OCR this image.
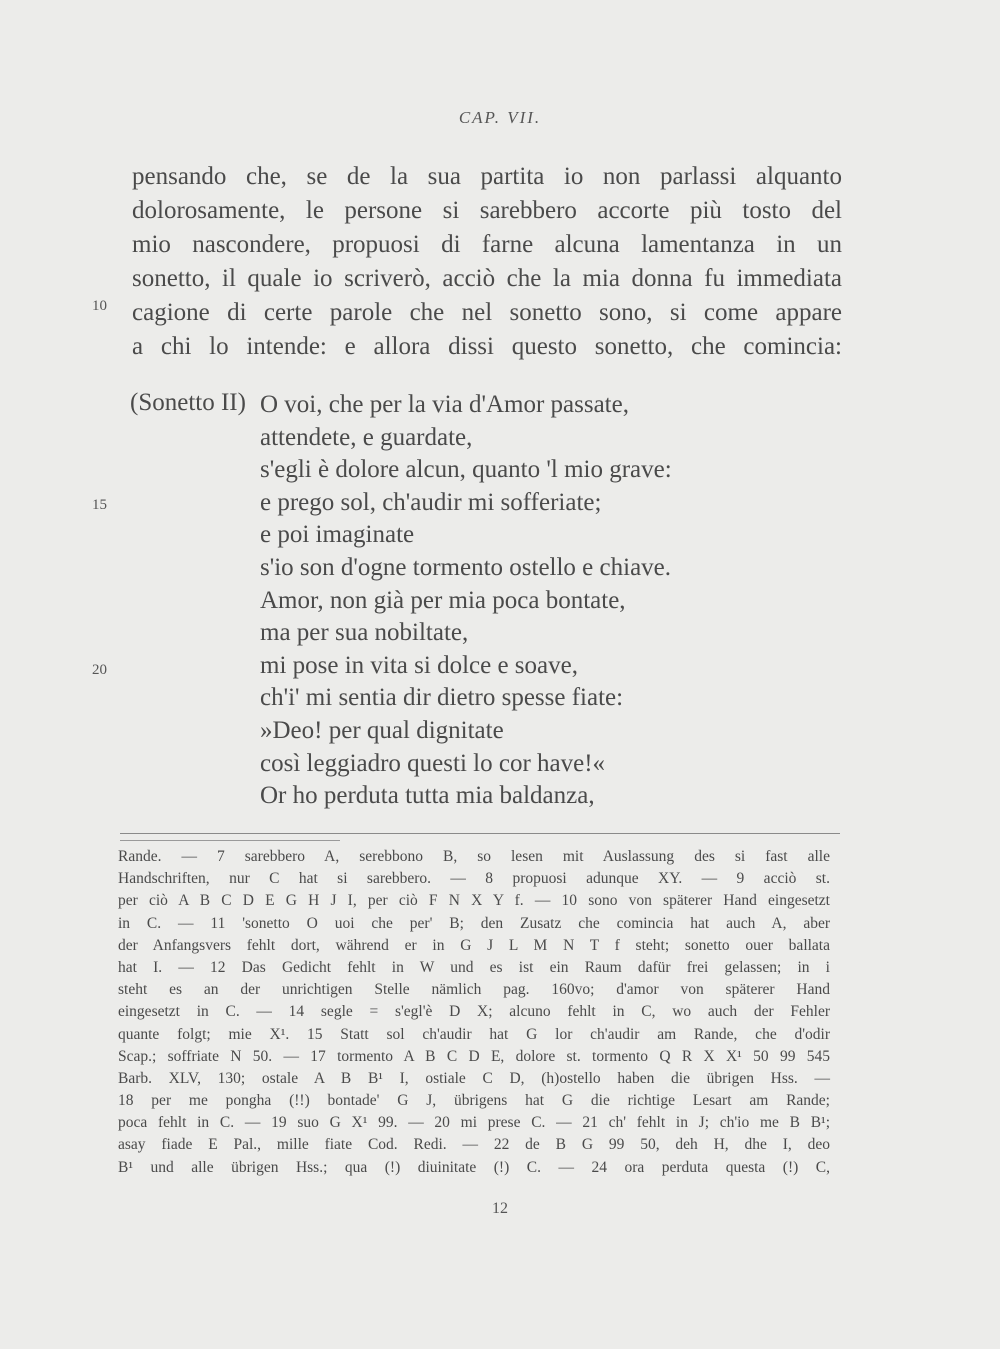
CAP. VII.
pensando che, se de la sua partita io non parlassi alquanto
dolorosamente, le persone si sarebbero accorte più tosto del
mio nascondere, propuosi di farne alcuna lamentanza in un
sonetto, il quale io scriverò, acciò che la mia donna fu immediata
cagione di certe parole che nel sonetto sono, si come appare
a chi lo intende: e allora dissi questo sonetto, che comincia:
10
15
20
(Sonetto II) O voi, che per la via d'Amor passate,
attendete, e guardate,
s'egli è dolore alcun, quanto 'l mio grave:
e prego sol, ch'audir mi sofferiate;
e poi imaginate
s'io son d'ogne tormento ostello e chiave.
Amor, non già per mia poca bontate,
ma per sua nobiltate,
mi pose in vita si dolce e soave,
ch'i' mi sentia dir dietro spesse fiate:
»Deo! per qual dignitate
così leggiadro questi lo cor have!«
Or ho perduta tutta mia baldanza,
Rande. — 7 sarebbero A, serebbono B, so lesen mit Auslassung des si fast alle
Handschriften, nur C hat si sarebbero. — 8 propuosi adunque XY. — 9 acciò st.
per ciò A B C D E G H J I, per ciò F N X Y f. — 10 sono von späterer Hand eingesetzt
in C. — 11 'sonetto O uoi che per' B; den Zusatz che comincia hat auch A, aber
der Anfangsvers fehlt dort, während er in G J L M N T f steht; sonetto ouer ballata
hat I. — 12 Das Gedicht fehlt in W und es ist ein Raum dafür frei gelassen; in i
steht es an der unrichtigen Stelle nämlich pag. 160vo; d'amor von späterer Hand
eingesetzt in C. — 14 segle = s'egl'è D X; alcuno fehlt in C, wo auch der Fehler
quante folgt; mie X¹. 15 Statt sol ch'audir hat G lor ch'audir am Rande, che d'odir
Scap.; soffriate N 50. — 17 tormento A B C D E, dolore st. tormento Q R X X¹ 50 99 545
Barb. XLV, 130; ostale A B B¹ I, ostiale C D, (h)ostello haben die übrigen Hss. —
18 per me pongha (!!) bontade' G J, übrigens hat G die richtige Lesart am Rande;
poca fehlt in C. — 19 suo G X¹ 99. — 20 mi prese C. — 21 ch' fehlt in J; ch'io me B B¹;
asay fiade E Pal., mille fiate Cod. Redi. — 22 de B G 99 50, deh H, dhe I, deo
B¹ und alle übrigen Hss.; qua (!) diuinitate (!) C. — 24 ora perduta questa (!) C,
12
